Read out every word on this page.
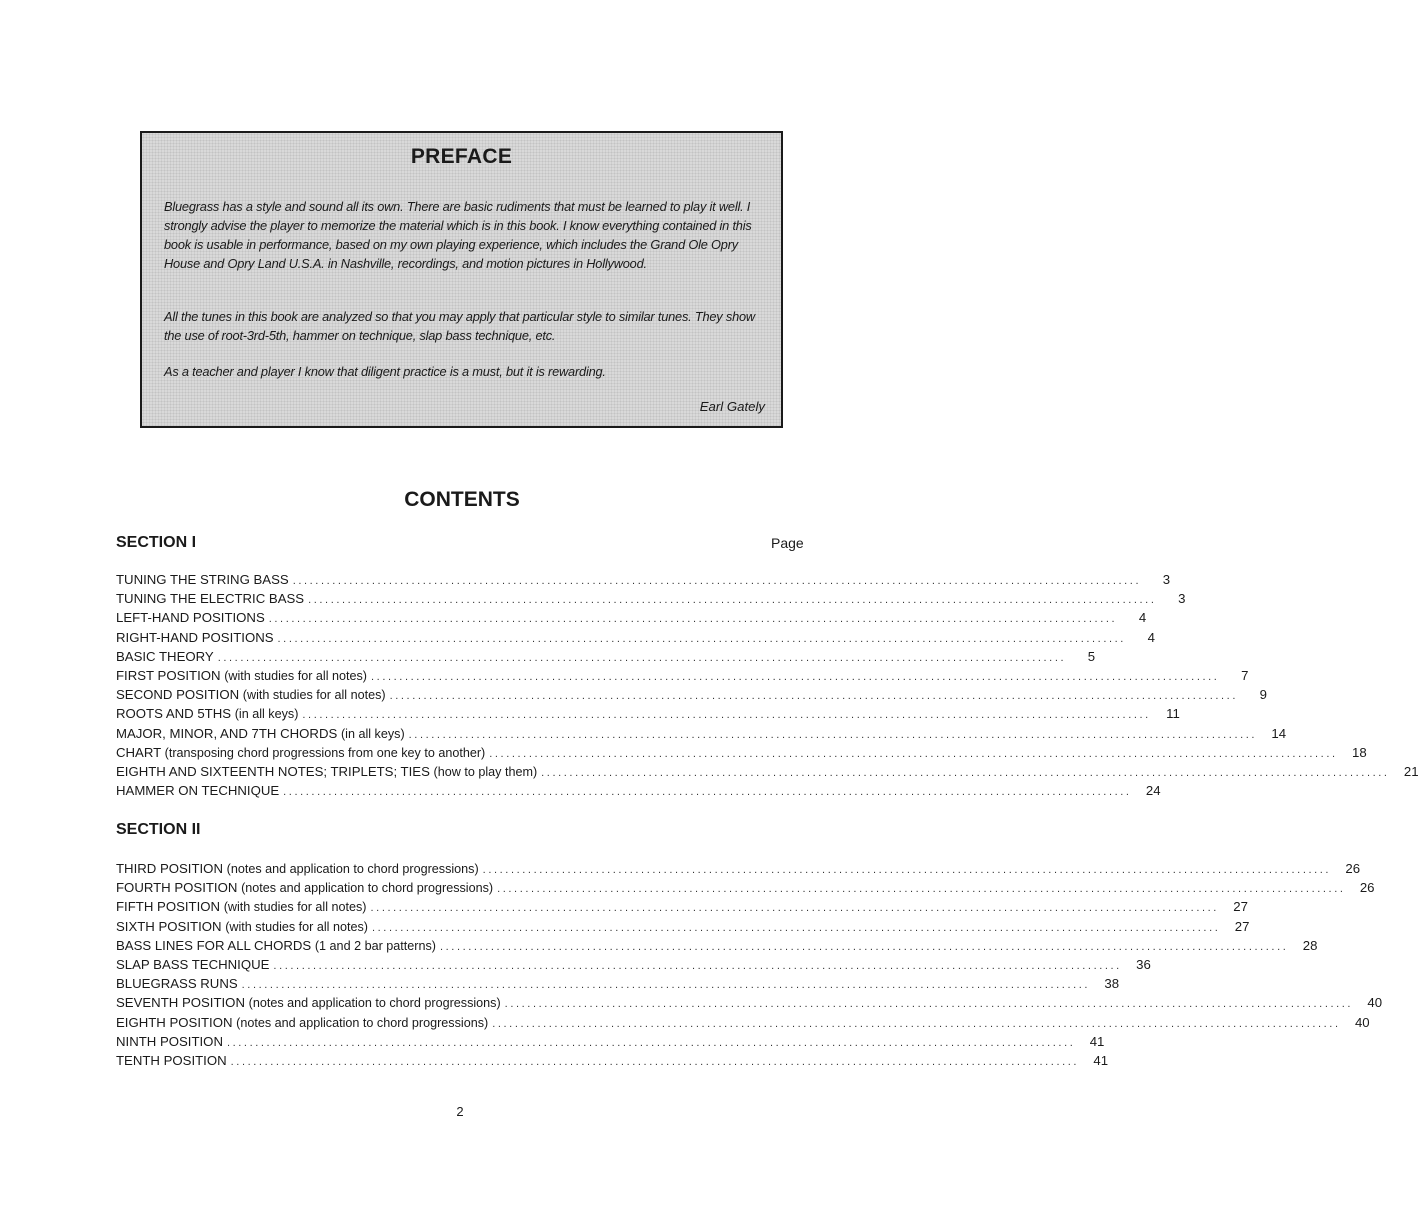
PREFACE

Bluegrass has a style and sound all its own. There are basic rudiments that must be learned to play it well. I strongly advise the player to memorize the material which is in this book. I know everything contained in this book is usable in performance, based on my own playing experience, which includes the Grand Ole Opry House and Opry Land U.S.A. in Nashville, recordings, and motion pictures in Hollywood.

All the tunes in this book are analyzed so that you may apply that particular style to similar tunes. They show the use of root-3rd-5th, hammer on technique, slap bass technique, etc.

As a teacher and player I know that diligent practice is a must, but it is rewarding.

Earl Gately
CONTENTS
SECTION I	Page
TUNING THE STRING BASS ......................................................................................................................................................	3
TUNING THE ELECTRIC BASS ......................................................................................................................................................	3
LEFT-HAND POSITIONS ......................................................................................................................................................	4
RIGHT-HAND POSITIONS ......................................................................................................................................................	4
BASIC THEORY ......................................................................................................................................................	5
FIRST POSITION (with studies for all notes) ......................................................................................................................................................	7
SECOND POSITION (with studies for all notes) ......................................................................................................................................................	9
ROOTS AND 5THS (in all keys) ......................................................................................................................................................	11
MAJOR, MINOR, AND 7TH CHORDS (in all keys) ......................................................................................................................................................	14
CHART (transposing chord progressions from one key to another) ......................................................................................................................................................	18
EIGHTH AND SIXTEENTH NOTES; TRIPLETS; TIES (how to play them) ......................................................................................................................................................	21
HAMMER ON TECHNIQUE ......................................................................................................................................................	24
SECTION II
THIRD POSITION (notes and application to chord progressions) ......................................................................................................................................................	26
FOURTH POSITION (notes and application to chord progressions) ......................................................................................................................................................	26
FIFTH POSITION (with studies for all notes) ......................................................................................................................................................	27
SIXTH POSITION (with studies for all notes) ......................................................................................................................................................	27
BASS LINES FOR ALL CHORDS (1 and 2 bar patterns) ......................................................................................................................................................	28
SLAP BASS TECHNIQUE ......................................................................................................................................................	36
BLUEGRASS RUNS ......................................................................................................................................................	38
SEVENTH POSITION (notes and application to chord progressions) ......................................................................................................................................................	40
EIGHTH POSITION (notes and application to chord progressions) ......................................................................................................................................................	40
NINTH POSITION ......................................................................................................................................................	41
TENTH POSITION ......................................................................................................................................................	41
2
